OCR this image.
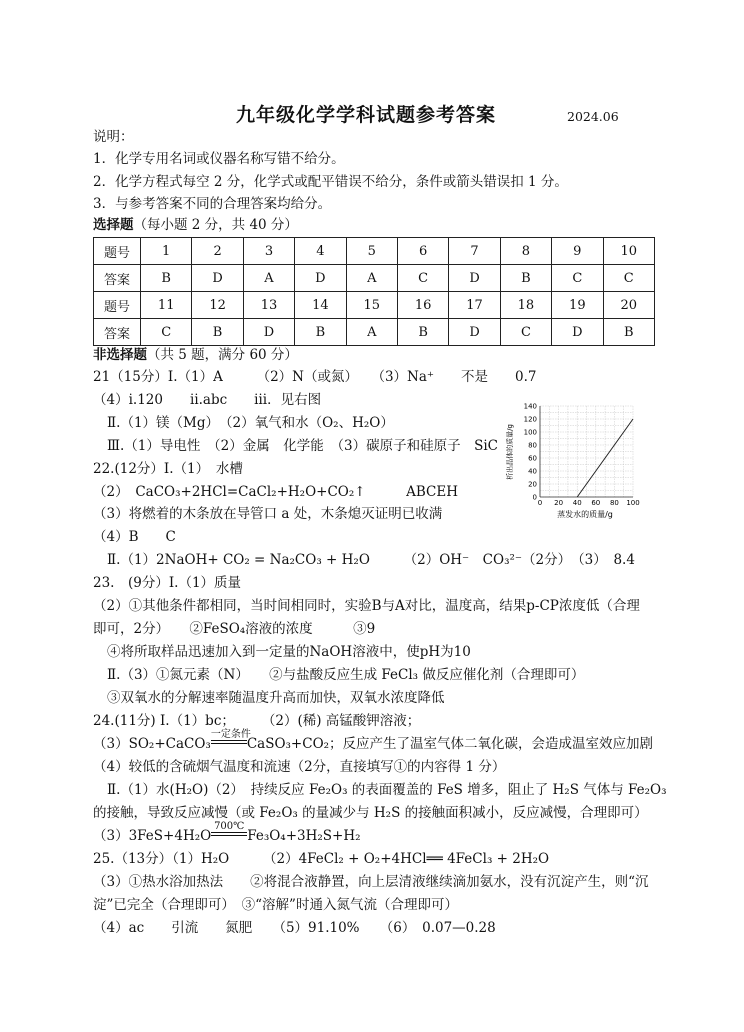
九年级化学学科试题参考答案	2024.06
说明：
1．化学专用名词或仪器名称写错不给分。
2．化学方程式每空 2 分，化学式或配平错误不给分，条件或箭头错误扣 1 分。
3．与参考答案不同的合理答案均给分。
选择题（每小题 2 分，共 40 分）
题号	1	2	3	4	5	6	7	8	9	10
答案	B	D	A	D	A	C	D	B	C	C
题号	11	12	13	14	15	16	17	18	19	20
答案	C	B	D	B	A	B	D	C	D	B
非选择题（共 5 题，满分 60 分）
21（15分）Ⅰ.（1）A　　　（2）N（或氮）　　（3）Na⁺　　不是　　0.7
（4）ⅰ.120　　ⅱ.abc　　ⅲ．见右图
Ⅱ.（1）镁（Mg）　（2）氧气和水（O₂、H₂O）
Ⅲ.（1）导电性　（2）金属　化学能　（3）碳原子和硅原子　SiC
0 20 40 60 80 100
0
20
40
60
80
100
120
140
蒸发水的质量/g
析出晶体的质量/g
22.(12分）Ⅰ.（1）　水槽
（2）　CaCO₃+2HCl=CaCl₂+H₂O+CO₂↑　　　ABCEH
（3）将燃着的木条放在导管口 a 处，木条熄灭证明已收满
（4）B　　C
Ⅱ.（1）2NaOH+ CO₂ = Na₂CO₃ + H₂O　　　（2）OH⁻　CO₃²⁻（2分）　（3）　8.4
23.　(9分）Ⅰ.（1）质量
（2）①其他条件都相同，当时间相同时，实验B与A对比，温度高，结果p-CP浓度低（合理
即可，2分）　　②FeSO₄溶液的浓度　　　③9
④将所取样品迅速加入到一定量的NaOH溶液中，使pH为10
Ⅱ.（3）①氮元素（N）　　②与盐酸反应生成 FeCl₃ 做反应催化剂（合理即可）
③双氧水的分解速率随温度升高而加快，双氧水浓度降低
24.(11分) Ⅰ.（1）bc；　　　（2）(稀) 高锰酸钾溶液；
（3）SO₂+CaCO₃
一定条件
CaSO₃+CO₂；反应产生了温室气体二氧化碳，会造成温室效应加剧
（4）较低的含硫烟气温度和流速（2分，直接填写①的内容得 1 分）
Ⅱ.（1）水(H₂O)（2）　持续反应 Fe₂O₃ 的表面覆盖的 FeS 增多，阻止了 H₂S 气体与 Fe₂O₃
的接触，导致反应减慢（或 Fe₂O₃ 的量减少与 H₂S 的接触面积减小，反应减慢，合理即可）
（3）3FeS+4H₂O
700℃
Fe₃O₄+3H₂S+H₂
25.（13分）（1）H₂O　　　（2）4FeCl₂ + O₂+4HCl══ 4FeCl₃ + 2H₂O
（3）①热水浴加热法　　②将混合液静置，向上层清液继续滴加氨水，没有沉淀产生，则“沉
淀”已完全（合理即可）　③“溶解”时通入氮气流（合理即可）
（4）ac　　引流　　氮肥　　（5）91.10%　　（6）　0.07—0.28
